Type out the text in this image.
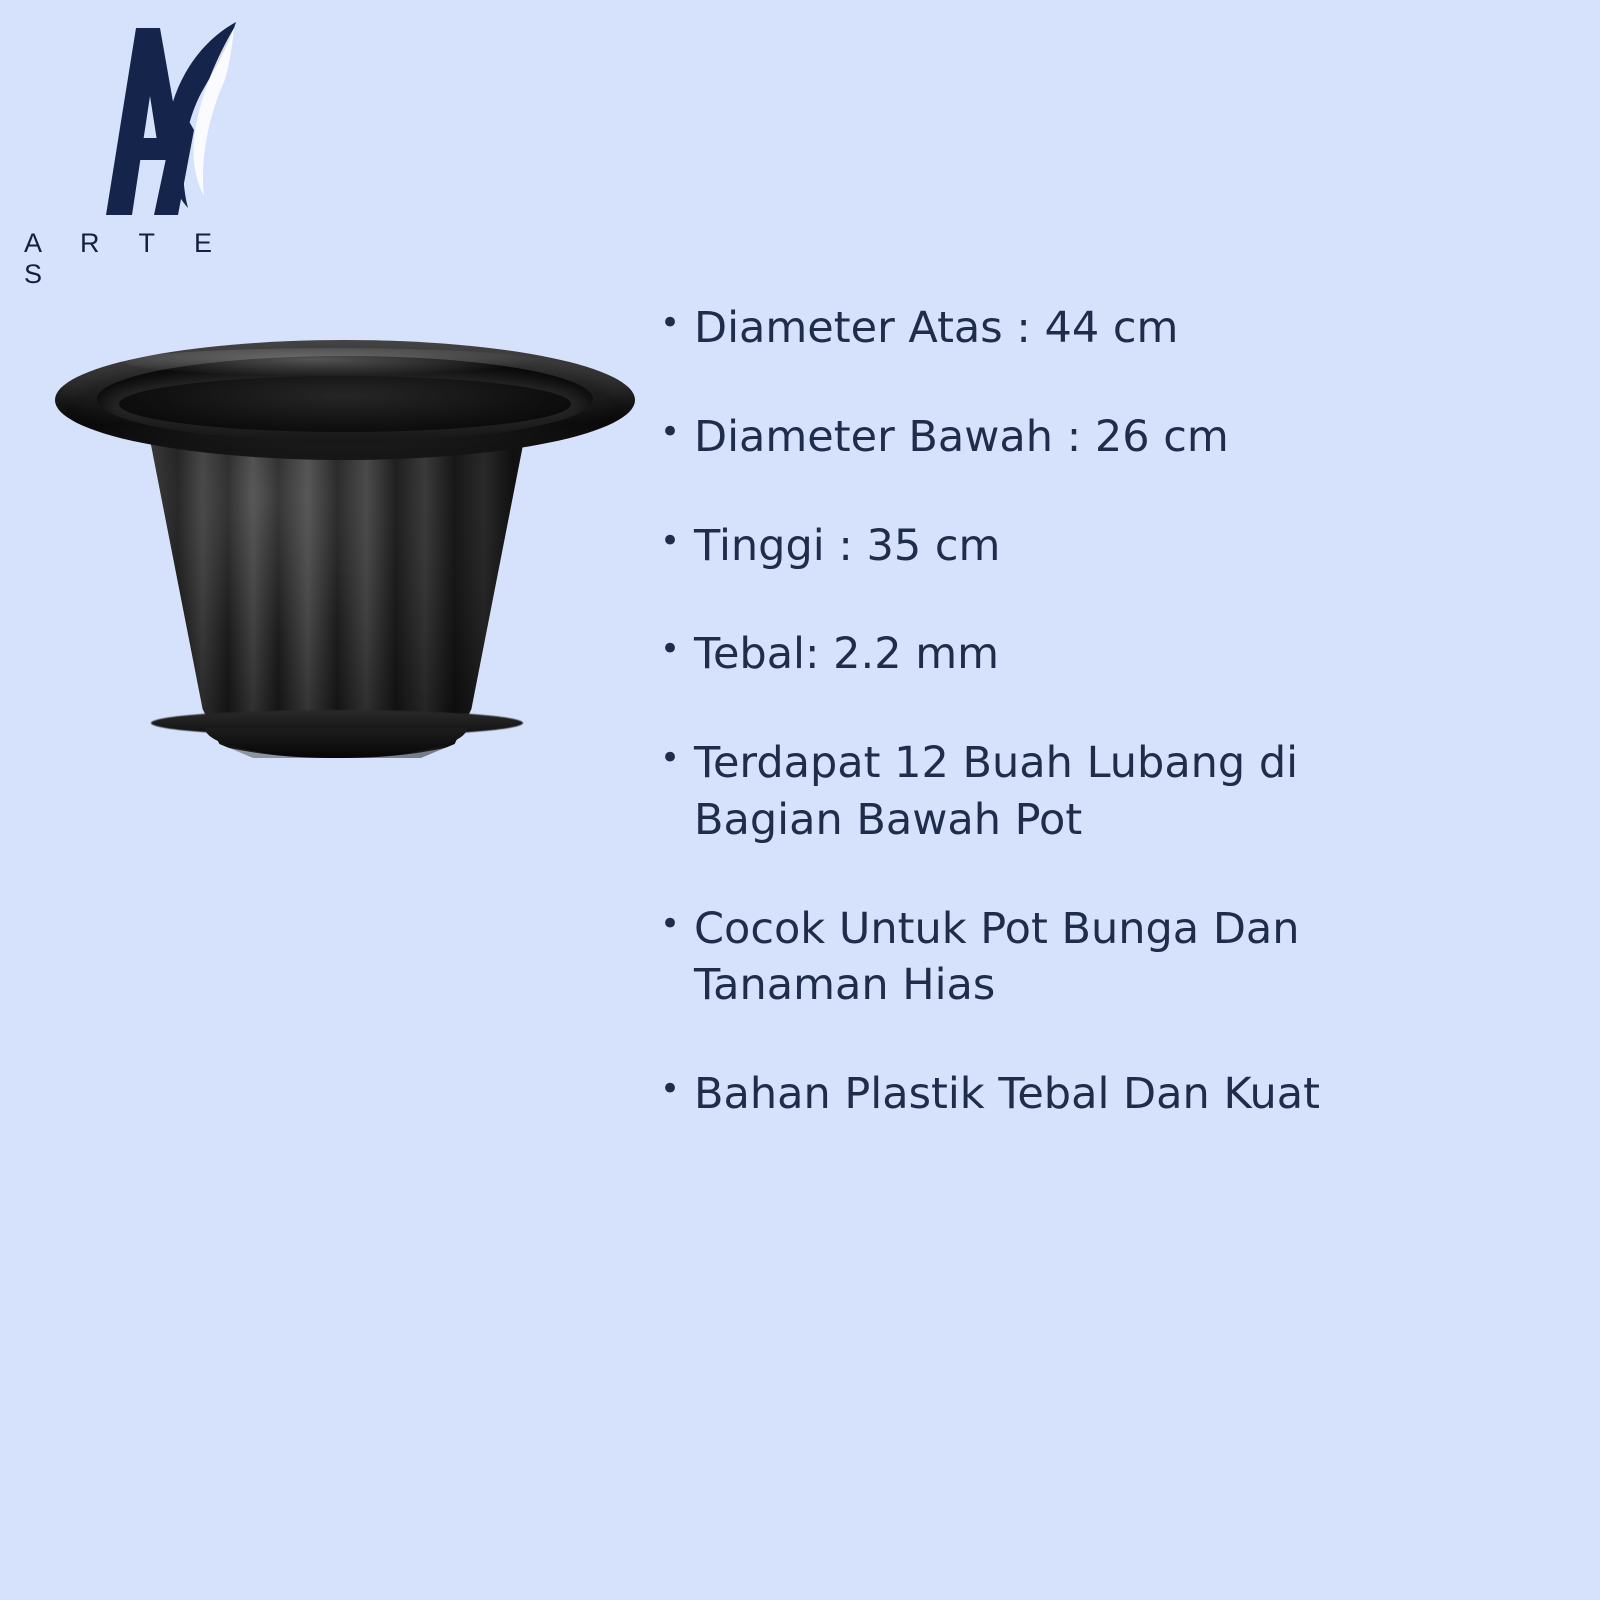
A R T E S
• Diameter Atas : 44 cm
• Diameter Bawah : 26 cm
• Tinggi : 35 cm
• Tebal: 2.2 mm
• Terdapat 12 Buah Lubang di Bagian Bawah Pot
• Cocok Untuk Pot Bunga Dan Tanaman Hias
• Bahan Plastik Tebal Dan Kuat
